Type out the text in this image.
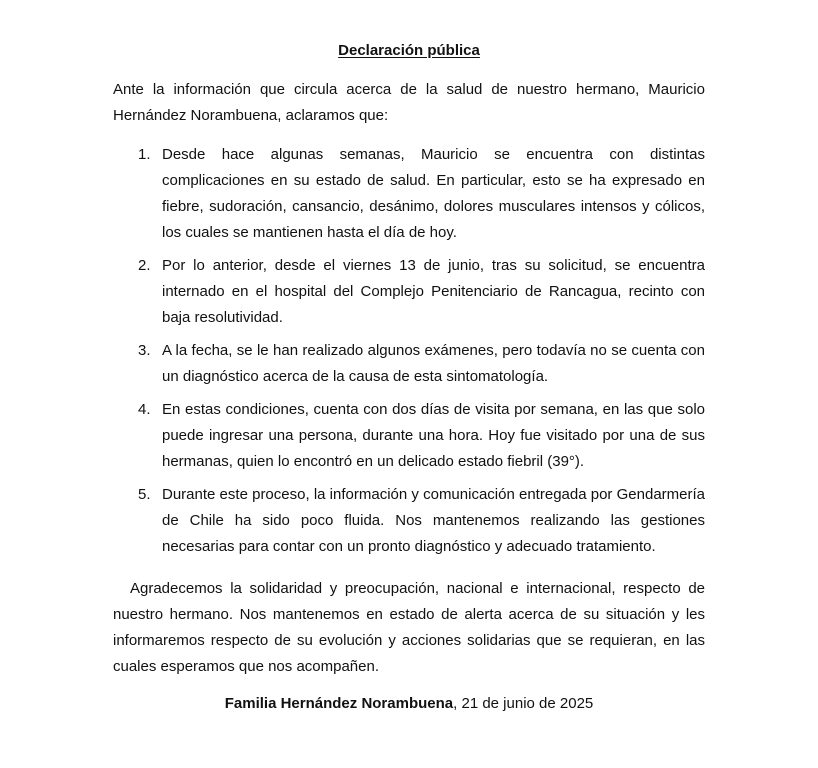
Declaración pública

Ante la información que circula acerca de la salud de nuestro hermano, Mauricio Hernández Norambuena, aclaramos que:

1. Desde hace algunas semanas, Mauricio se encuentra con distintas complicaciones en su estado de salud. En particular, esto se ha expresado en fiebre, sudoración, cansancio, desánimo, dolores musculares intensos y cólicos, los cuales se mantienen hasta el día de hoy.
2. Por lo anterior, desde el viernes 13 de junio, tras su solicitud, se encuentra internado en el hospital del Complejo Penitenciario de Rancagua, recinto con baja resolutividad.
3. A la fecha, se le han realizado algunos exámenes, pero todavía no se cuenta con un diagnóstico acerca de la causa de esta sintomatología.
4. En estas condiciones, cuenta con dos días de visita por semana, en las que solo puede ingresar una persona, durante una hora. Hoy fue visitado por una de sus hermanas, quien lo encontró en un delicado estado fiebril (39°).
5. Durante este proceso, la información y comunicación entregada por Gendarmería de Chile ha sido poco fluida. Nos mantenemos realizando las gestiones necesarias para contar con un pronto diagnóstico y adecuado tratamiento.

Agradecemos la solidaridad y preocupación, nacional e internacional, respecto de nuestro hermano. Nos mantenemos en estado de alerta acerca de su situación y les informaremos respecto de su evolución y acciones solidarias que se requieran, en las cuales esperamos que nos acompañen.

Familia Hernández Norambuena, 21 de junio de 2025
